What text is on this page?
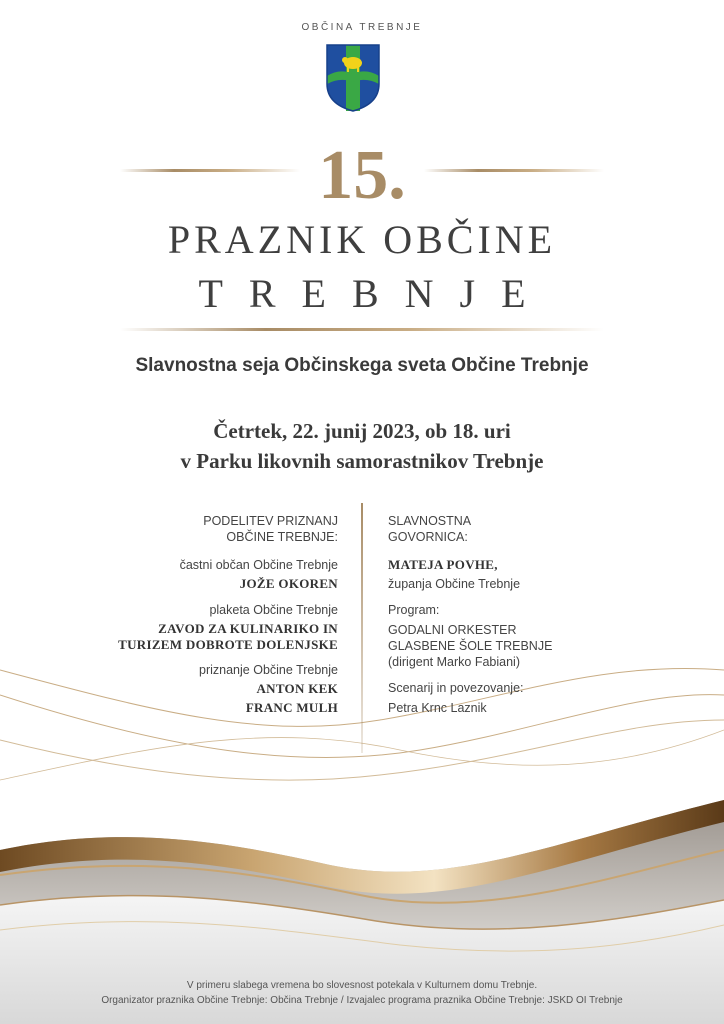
OBČINA TREBNJE
15.
PRAZNIK OBČINE
TREBNJE
Slavnostna seja Občinskega sveta Občine Trebnje
Četrtek, 22. junij 2023, ob 18. uri
v Parku likovnih samorastnikov Trebnje
PODELITEV PRIZNANJ
OBČINE TREBNJE:
častni občan Občine Trebnje
JOŽE OKOREN
plaketa Občine Trebnje
ZAVOD ZA KULINARIKO IN
TURIZEM DOBROTE DOLENJSKE
priznanje Občine Trebnje
ANTON KEK
FRANC MULH
SLAVNOSTNA
GOVORNICA:
MATEJA POVHE,
županja Občine Trebnje
Program:
GODALNI ORKESTER
GLASBENE ŠOLE TREBNJE
(dirigent Marko Fabiani)
Scenarij in povezovanje:
Petra Krnc Laznik
V primeru slabega vremena bo slovesnost potekala v Kulturnem domu Trebnje.
Organizator praznika Občine Trebnje: Občina Trebnje / Izvajalec programa praznika Občine Trebnje: JSKD OI Trebnje
